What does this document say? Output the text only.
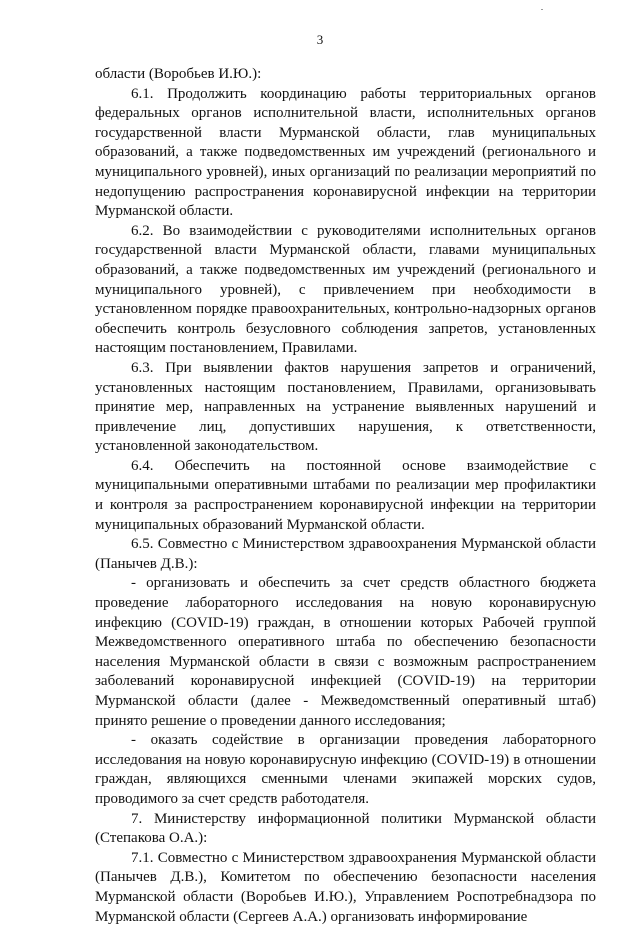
3

области (Воробьев И.Ю.):

6.1. Продолжить координацию работы территориальных органов федеральных органов исполнительной власти, исполнительных органов государственной власти Мурманской области, глав муниципальных образований, а также подведомственных им учреждений (регионального и муниципального уровней), иных организаций по реализации мероприятий по недопущению распространения коронавирусной инфекции на территории Мурманской области.

6.2. Во взаимодействии с руководителями исполнительных органов государственной власти Мурманской области, главами муниципальных образований, а также подведомственных им учреждений (регионального и муниципального уровней), с привлечением при необходимости в установленном порядке правоохранительных, контрольно-надзорных органов обеспечить контроль безусловного соблюдения запретов, установленных настоящим постановлением, Правилами.

6.3. При выявлении фактов нарушения запретов и ограничений, установленных настоящим постановлением, Правилами, организовывать принятие мер, направленных на устранение выявленных нарушений и привлечение лиц, допустивших нарушения, к ответственности, установленной законодательством.

6.4. Обеспечить на постоянной основе взаимодействие с муниципальными оперативными штабами по реализации мер профилактики и контроля за распространением коронавирусной инфекции на территории муниципальных образований Мурманской области.

6.5. Совместно с Министерством здравоохранения Мурманской области (Панычев Д.В.):

- организовать и обеспечить за счет средств областного бюджета проведение лабораторного исследования на новую коронавирусную инфекцию (COVID-19) граждан, в отношении которых Рабочей группой Межведомственного оперативного штаба по обеспечению безопасности населения Мурманской области в связи с возможным распространением заболеваний коронавирусной инфекцией (COVID-19) на территории Мурманской области (далее - Межведомственный оперативный штаб) принято решение о проведении данного исследования;

- оказать содействие в организации проведения лабораторного исследования на новую коронавирусную инфекцию (COVID-19) в отношении граждан, являющихся сменными членами экипажей морских судов, проводимого за счет средств работодателя.

7. Министерству информационной политики Мурманской области (Степакова О.А.):

7.1. Совместно с Министерством здравоохранения Мурманской области (Панычев Д.В.), Комитетом по обеспечению безопасности населения Мурманской области (Воробьев И.Ю.), Управлением Роспотребнадзора по Мурманской области (Сергеев А.А.) организовать информирование
